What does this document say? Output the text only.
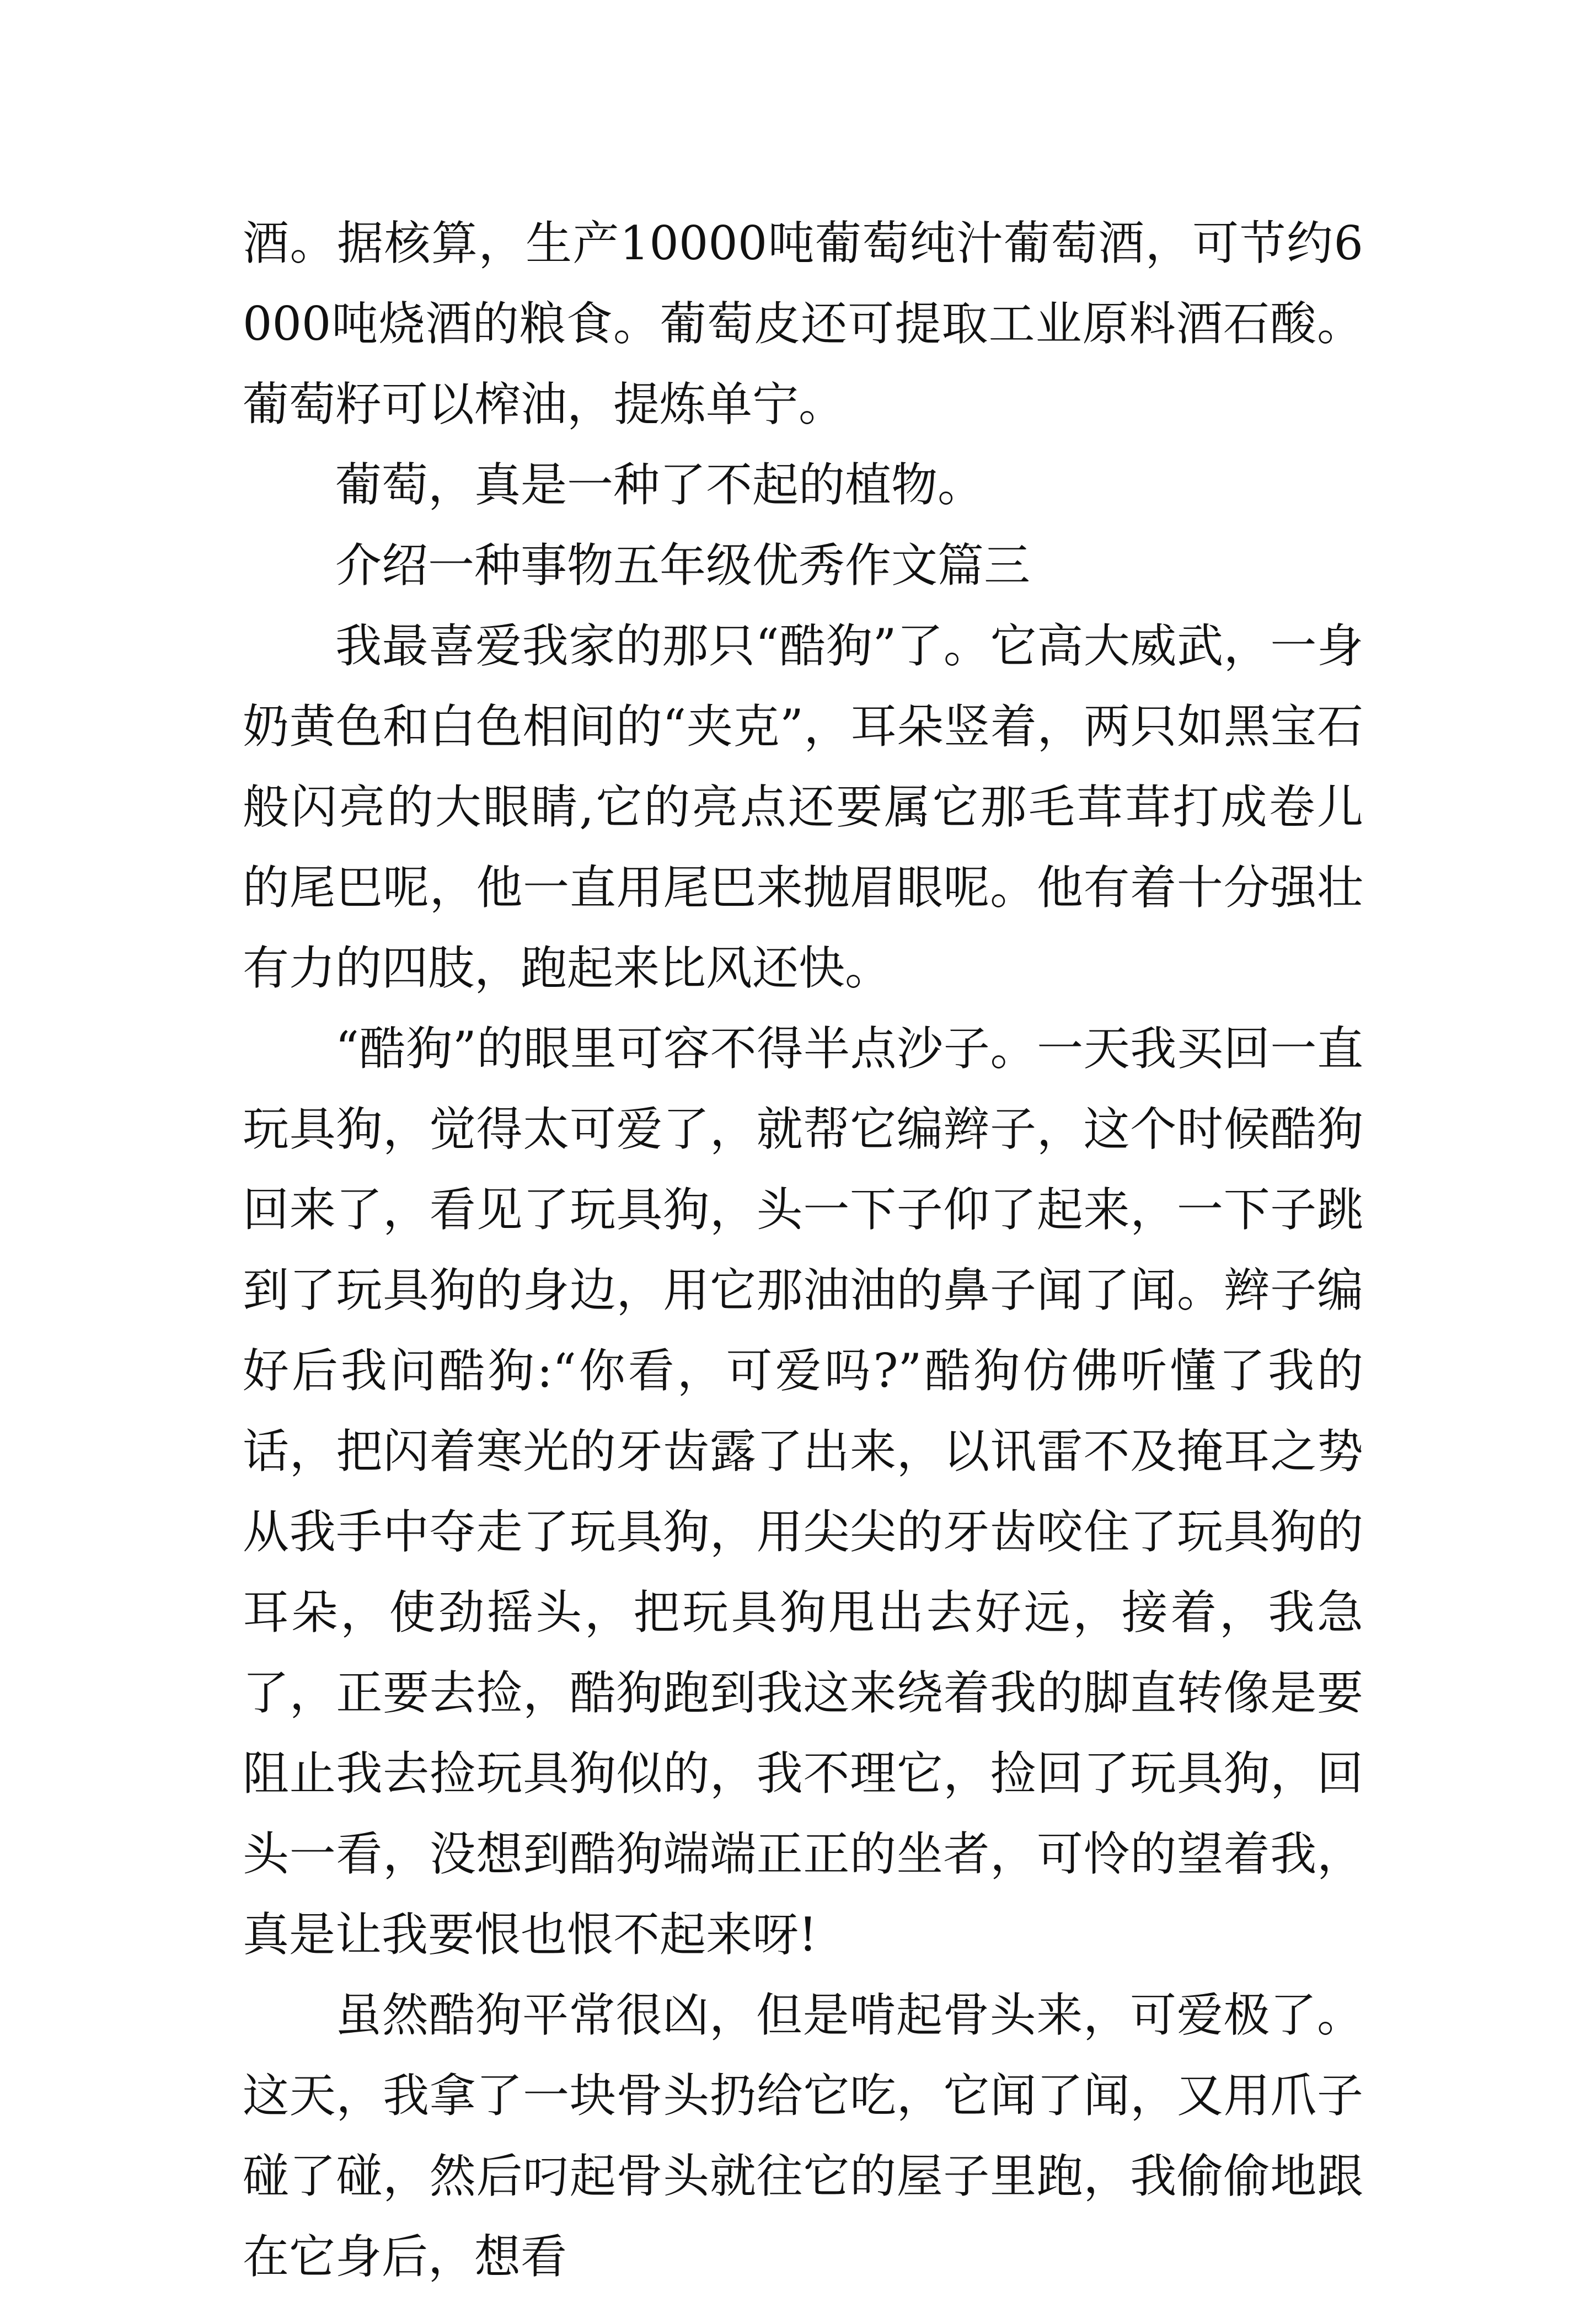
酒。据核算，生产10000吨葡萄纯汁葡萄酒，可节约6000吨烧酒的粮食。葡萄皮还可提取工业原料酒石酸。葡萄籽可以榨油，提炼单宁。

葡萄，真是一种了不起的植物。

介绍一种事物五年级优秀作文篇三

我最喜爱我家的那只“酷狗”了。它高大威武，一身奶黄色和白色相间的“夹克”，耳朵竖着，两只如黑宝石般闪亮的大眼睛,它的亮点还要属它那毛茸茸打成卷儿的尾巴呢，他一直用尾巴来抛眉眼呢。他有着十分强壮有力的四肢，跑起来比风还快。

“酷狗”的眼里可容不得半点沙子。一天我买回一直玩具狗，觉得太可爱了，就帮它编辫子，这个时候酷狗回来了，看见了玩具狗，头一下子仰了起来，一下子跳到了玩具狗的身边，用它那油油的鼻子闻了闻。辫子编好后我问酷狗:“你看，可爱吗?”酷狗仿佛听懂了我的话，把闪着寒光的牙齿露了出来，以讯雷不及掩耳之势从我手中夺走了玩具狗，用尖尖的牙齿咬住了玩具狗的耳朵，使劲摇头，把玩具狗甩出去好远，接着，我急了，正要去捡，酷狗跑到我这来绕着我的脚直转像是要阻止我去捡玩具狗似的，我不理它，捡回了玩具狗，回头一看，没想到酷狗端端正正的坐者，可怜的望着我，真是让我要恨也恨不起来呀!

虽然酷狗平常很凶，但是啃起骨头来，可爱极了。这天，我拿了一块骨头扔给它吃，它闻了闻，又用爪子碰了碰，然后叼起骨头就往它的屋子里跑，我偷偷地跟在它身后，想看
